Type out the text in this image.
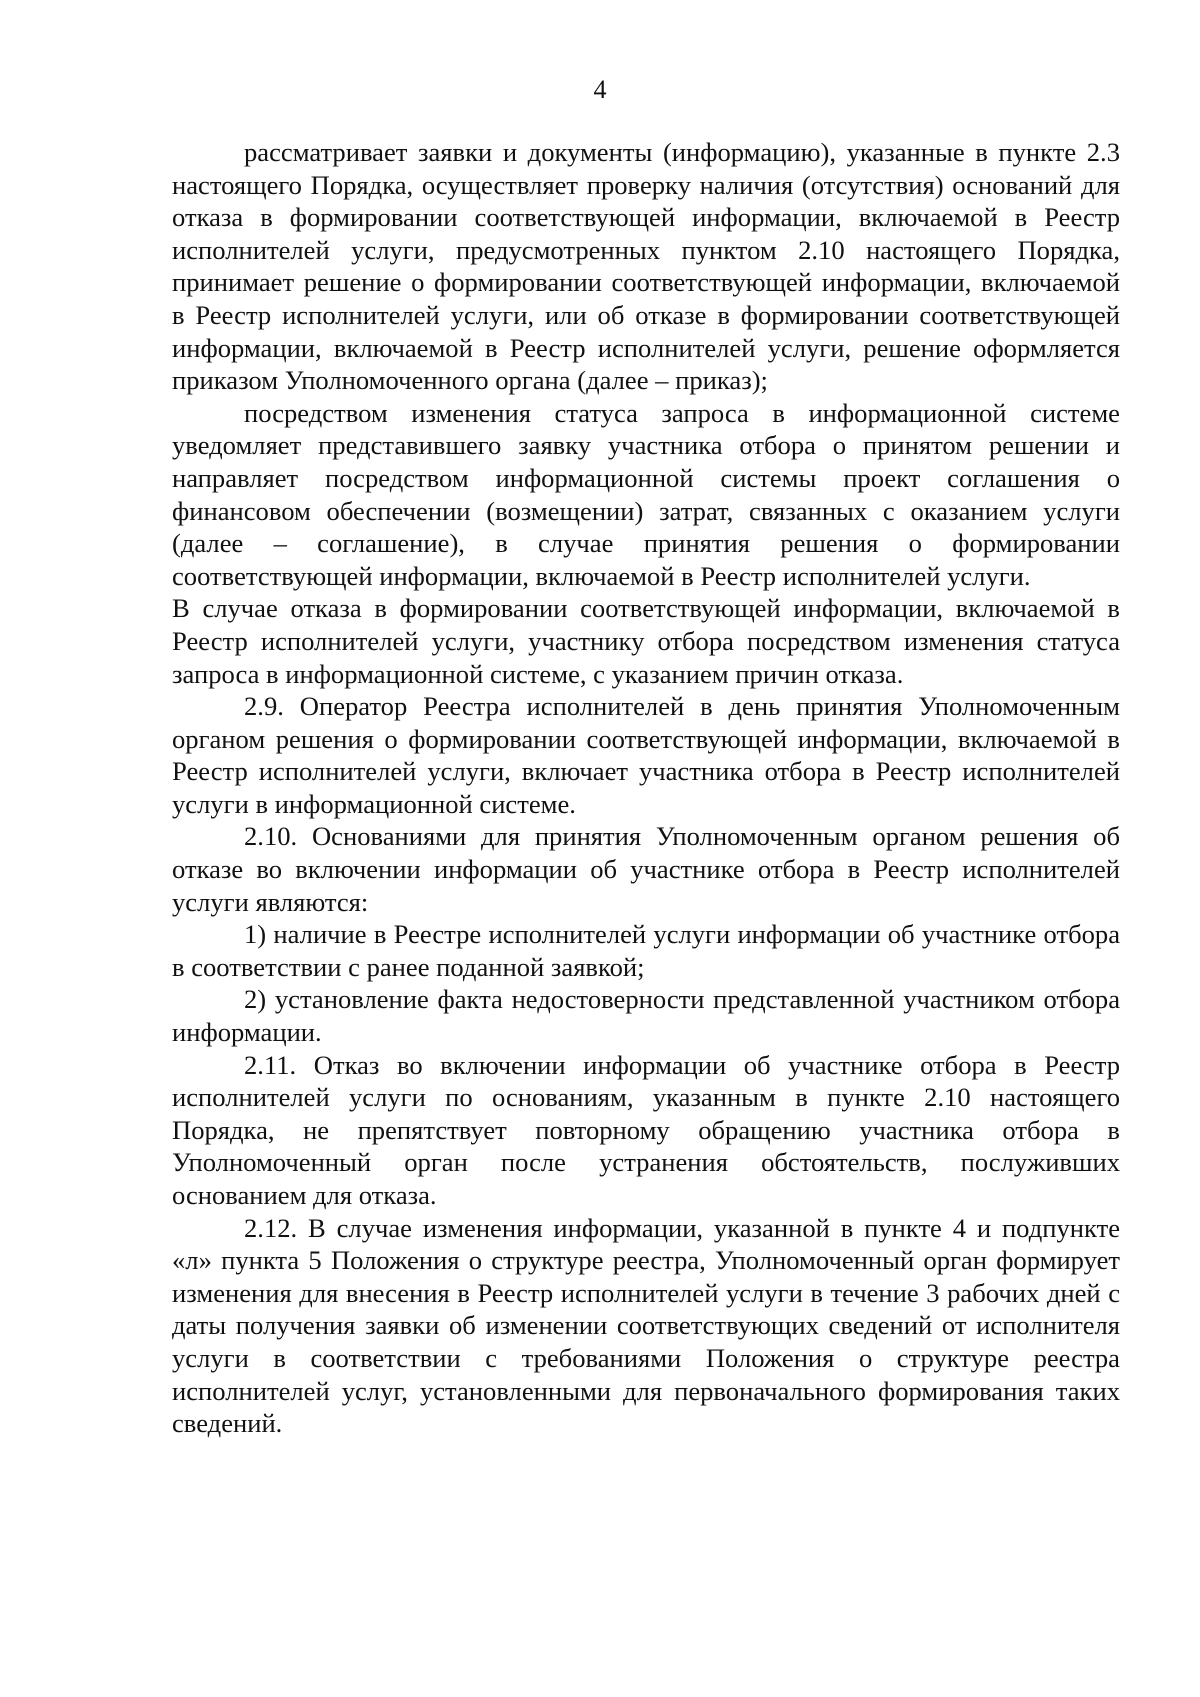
4

рассматривает заявки и документы (информацию), указанные в пункте 2.3 настоящего Порядка, осуществляет проверку наличия (отсутствия) оснований для отказа в формировании соответствующей информации, включаемой в Реестр исполнителей услуги, предусмотренных пунктом 2.10 настоящего Порядка, принимает решение о формировании соответствующей информации, включаемой в Реестр исполнителей услуги, или об отказе в формировании соответствующей информации, включаемой в Реестр исполнителей услуги, решение оформляется приказом Уполномоченного органа (далее – приказ);

посредством изменения статуса запроса в информационной системе уведомляет представившего заявку участника отбора о принятом решении и направляет посредством информационной системы проект соглашения о финансовом обеспечении (возмещении) затрат, связанных с оказанием услуги (далее – соглашение), в случае принятия решения о формировании соответствующей информации, включаемой в Реестр исполнителей услуги.

В случае отказа в формировании соответствующей информации, включаемой в Реестр исполнителей услуги, участнику отбора посредством изменения статуса запроса в информационной системе, с указанием причин отказа.

2.9. Оператор Реестра исполнителей в день принятия Уполномоченным органом решения о формировании соответствующей информации, включаемой в Реестр исполнителей услуги, включает участника отбора в Реестр исполнителей услуги в информационной системе.

2.10. Основаниями для принятия Уполномоченным органом решения об отказе во включении информации об участнике отбора в Реестр исполнителей услуги являются:

1) наличие в Реестре исполнителей услуги информации об участнике отбора в соответствии с ранее поданной заявкой;

2) установление факта недостоверности представленной участником отбора информации.

2.11. Отказ во включении информации об участнике отбора в Реестр исполнителей услуги по основаниям, указанным в пункте 2.10 настоящего Порядка, не препятствует повторному обращению участника отбора в Уполномоченный орган после устранения обстоятельств, послуживших основанием для отказа.

2.12. В случае изменения информации, указанной в пункте 4 и подпункте «л» пункта 5 Положения о структуре реестра, Уполномоченный орган формирует изменения для внесения в Реестр исполнителей услуги в течение 3 рабочих дней с даты получения заявки об изменении соответствующих сведений от исполнителя услуги в соответствии с требованиями Положения о структуре реестра исполнителей услуг, установленными для первоначального формирования таких сведений.
